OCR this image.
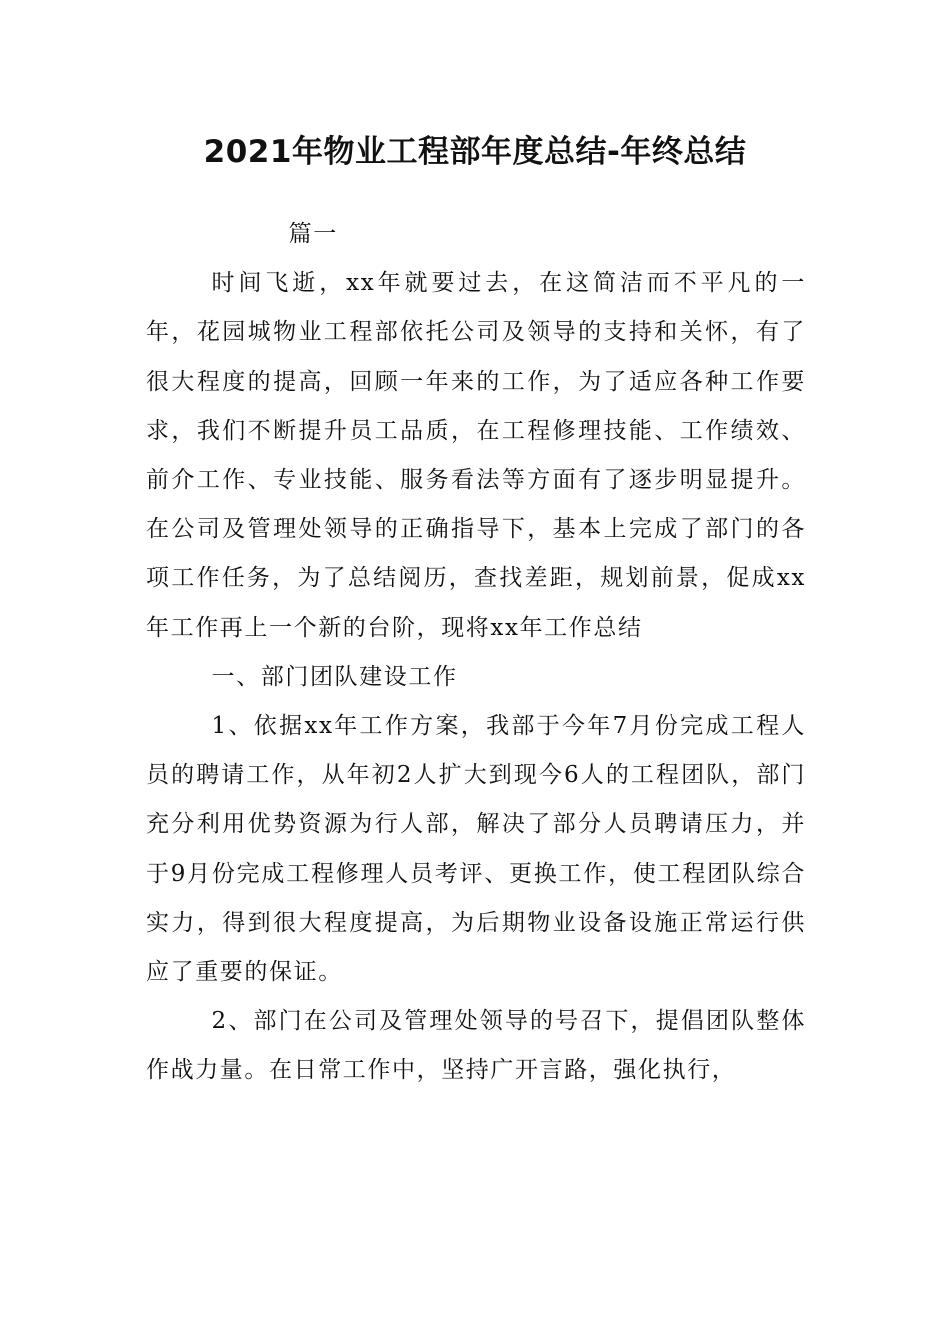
2021年物业工程部年度总结-年终总结

篇一

时间飞逝，xx年就要过去，在这简洁而不平凡的一年，花园城物业工程部依托公司及领导的支持和关怀，有了很大程度的提高，回顾一年来的工作，为了适应各种工作要求，我们不断提升员工品质，在工程修理技能、工作绩效、前介工作、专业技能、服务看法等方面有了逐步明显提升。在公司及管理处领导的正确指导下，基本上完成了部门的各项工作任务，为了总结阅历，查找差距，规划前景，促成xx年工作再上一个新的台阶，现将xx年工作总结

一、部门团队建设工作

1、依据xx年工作方案，我部于今年7月份完成工程人员的聘请工作，从年初2人扩大到现今6人的工程团队，部门充分利用优势资源为行人部，解决了部分人员聘请压力，并于9月份完成工程修理人员考评、更换工作，使工程团队综合实力，得到很大程度提高，为后期物业设备设施正常运行供应了重要的保证。

2、部门在公司及管理处领导的号召下，提倡团队整体作战力量。在日常工作中，坚持广开言路，强化执行，
